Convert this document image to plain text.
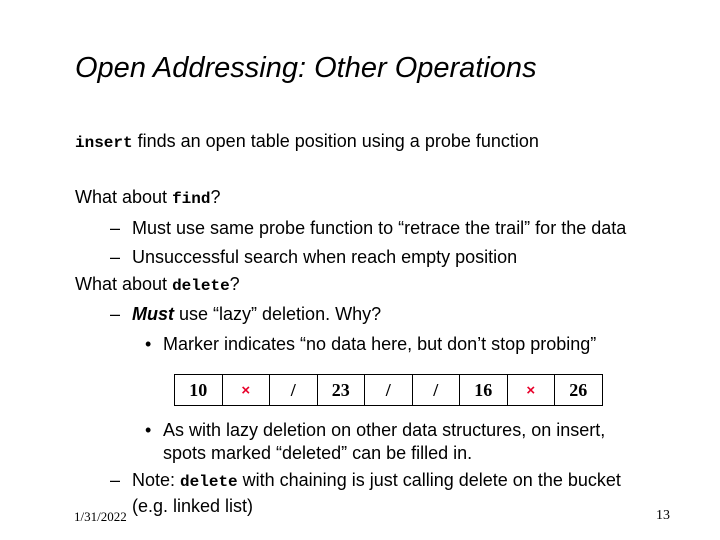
Open Addressing: Other Operations
insert finds an open table position using a probe function
What about find?
– Must use same probe function to “retrace the trail” for the data
– Unsuccessful search when reach empty position
What about delete?
– Must use “lazy” deletion. Why?
• Marker indicates “no data here, but don’t stop probing”
10	×	/	23	/	/	16	×	26
• As with lazy deletion on other data structures, on insert,
spots marked “deleted” can be filled in.
– Note: delete with chaining is just calling delete on the bucket
(e.g. linked list)
1/31/2022	13
